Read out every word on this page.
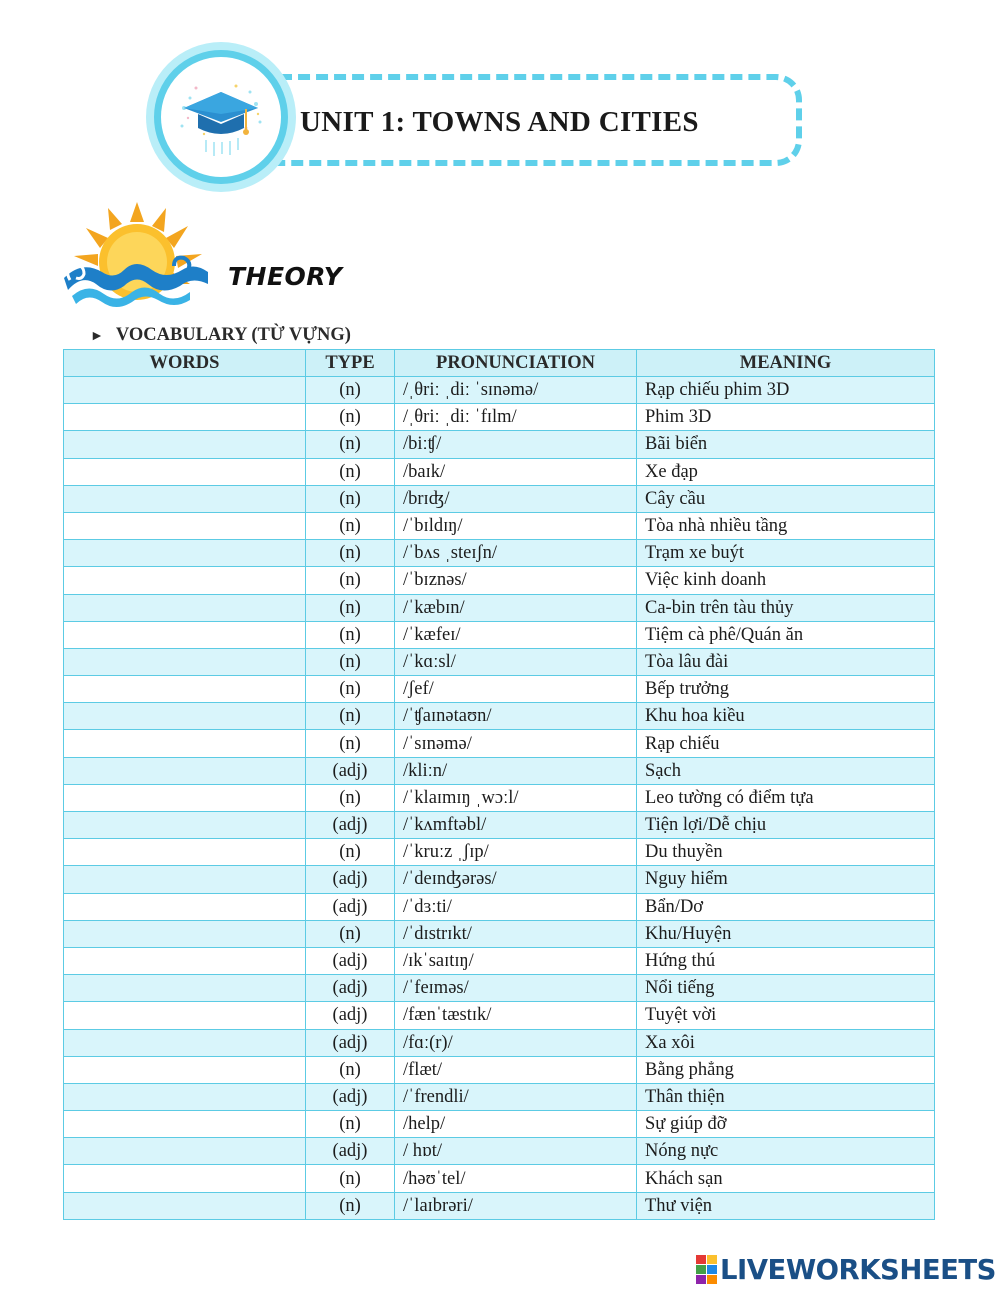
UNIT 1: TOWNS AND CITIES
THEORY
► VOCABULARY (TỪ VỰNG)
WORDS	TYPE	PRONUNCIATION	MEANING
	(n)	/ˌθriː ˌdiː ˈsɪnəmə/	Rạp chiếu phim 3D
	(n)	/ˌθriː ˌdiː ˈfɪlm/	Phim 3D
	(n)	/biːʧ/	Bãi biển
	(n)	/baɪk/	Xe đạp
	(n)	/brɪʤ/	Cây cầu
	(n)	/ˈbɪldɪŋ/	Tòa nhà nhiều tầng
	(n)	/ˈbʌs ˌsteɪʃn/	Trạm xe buýt
	(n)	/ˈbɪznəs/	Việc kinh doanh
	(n)	/ˈkæbɪn/	Ca-bin trên tàu thủy
	(n)	/ˈkæfeɪ/	Tiệm cà phê/Quán ăn
	(n)	/ˈkɑːsl/	Tòa lâu đài
	(n)	/ʃef/	Bếp trưởng
	(n)	/ˈʧaɪnətaʊn/	Khu hoa kiều
	(n)	/ˈsɪnəmə/	Rạp chiếu
	(adj)	/kliːn/	Sạch
	(n)	/ˈklaɪmɪŋ ˌwɔːl/	Leo tường có điểm tựa
	(adj)	/ˈkʌmftəbl/	Tiện lợi/Dễ chịu
	(n)	/ˈkruːz ˌʃɪp/	Du thuyền
	(adj)	/ˈdeɪnʤərəs/	Nguy hiểm
	(adj)	/ˈdɜːti/	Bẩn/Dơ
	(n)	/ˈdɪstrɪkt/	Khu/Huyện
	(adj)	/ɪkˈsaɪtɪŋ/	Hứng thú
	(adj)	/ˈfeɪməs/	Nổi tiếng
	(adj)	/fænˈtæstɪk/	Tuyệt vời
	(adj)	/fɑː(r)/	Xa xôi
	(n)	/flæt/	Bằng phẳng
	(adj)	/ˈfrendli/	Thân thiện
	(n)	/help/	Sự giúp đỡ
	(adj)	/ hɒt/	Nóng nực
	(n)	/həʊˈtel/	Khách sạn
	(n)	/ˈlaɪbrəri/	Thư viện
LIVEWORKSHEETS
